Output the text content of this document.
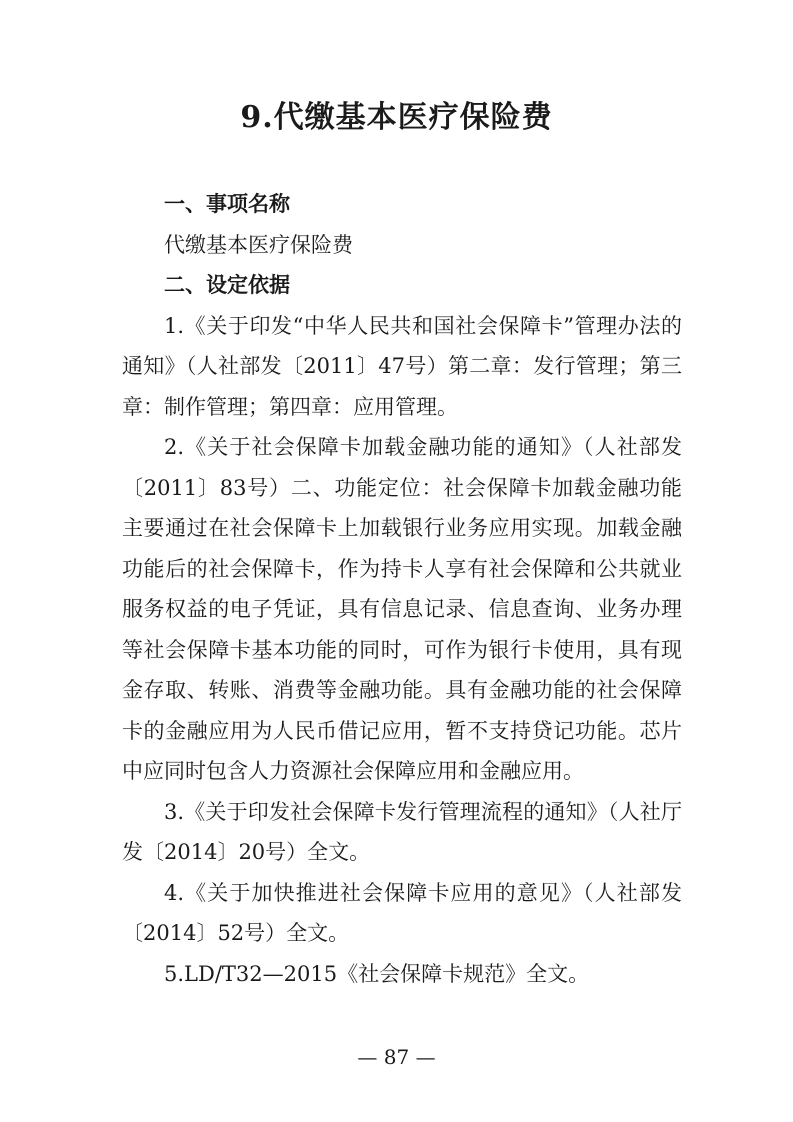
9.代缴基本医疗保险费

一、事项名称

代缴基本医疗保险费

二、设定依据

1.《关于印发“中华人民共和国社会保障卡”管理办法的通知》（人社部发〔2011〕47号）第二章：发行管理；第三章：制作管理；第四章：应用管理。

2.《关于社会保障卡加载金融功能的通知》（人社部发〔2011〕83号）二、功能定位：社会保障卡加载金融功能主要通过在社会保障卡上加载银行业务应用实现。加载金融功能后的社会保障卡，作为持卡人享有社会保障和公共就业服务权益的电子凭证，具有信息记录、信息查询、业务办理等社会保障卡基本功能的同时，可作为银行卡使用，具有现金存取、转账、消费等金融功能。具有金融功能的社会保障卡的金融应用为人民币借记应用，暂不支持贷记功能。芯片中应同时包含人力资源社会保障应用和金融应用。

3.《关于印发社会保障卡发行管理流程的通知》（人社厅发〔2014〕20号）全文。

4.《关于加快推进社会保障卡应用的意见》（人社部发〔2014〕52号）全文。

5.LD/T32—2015《社会保障卡规范》全文。

— 87 —
